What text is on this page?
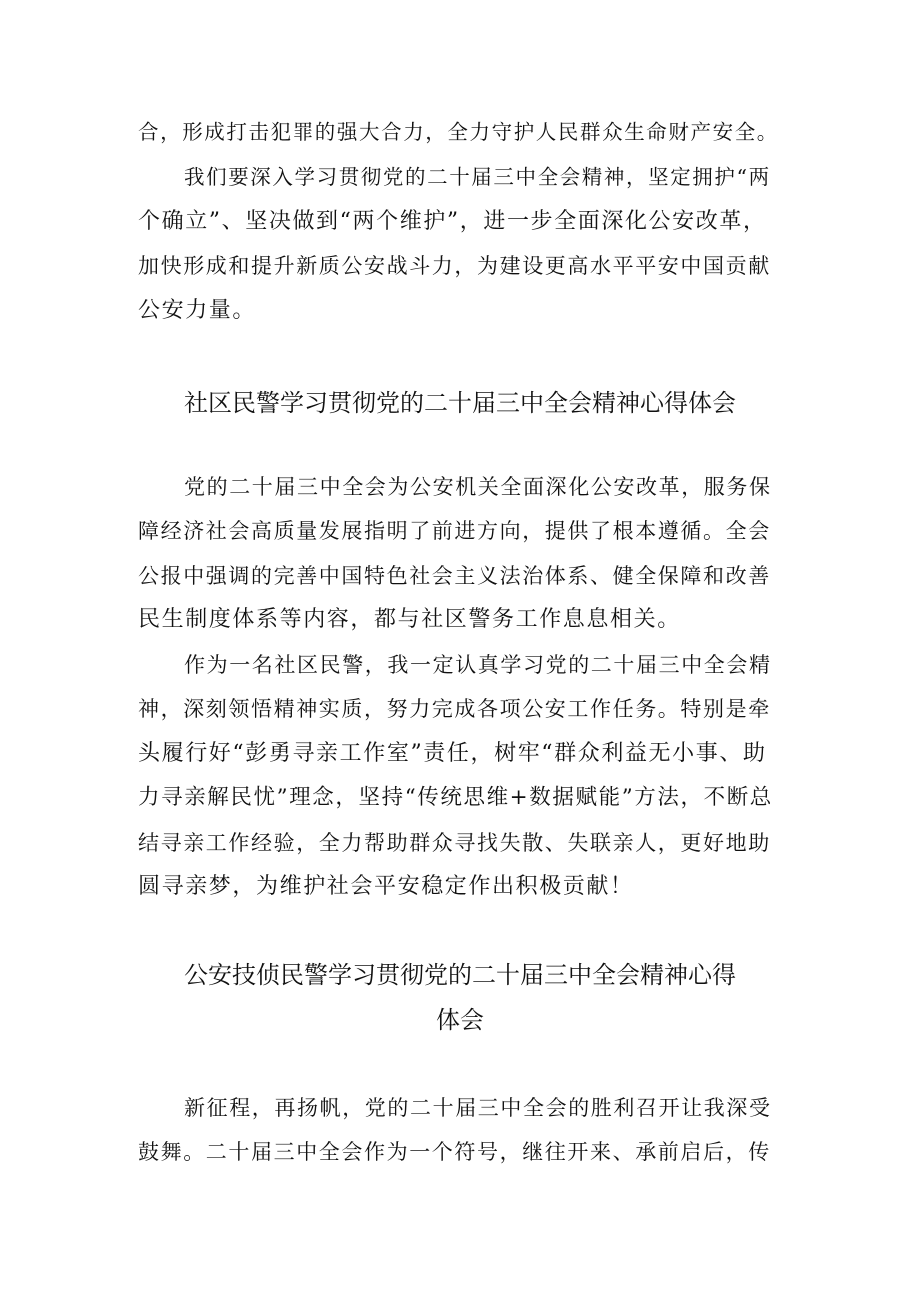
合，形成打击犯罪的强大合力，全力守护人民群众生命财产安全。
我们要深入学习贯彻党的二十届三中全会精神，坚定拥护“两
个确立”、坚决做到“两个维护”，进一步全面深化公安改革，
加快形成和提升新质公安战斗力，为建设更高水平平安中国贡献
公安力量。
社区民警学习贯彻党的二十届三中全会精神心得体会
党的二十届三中全会为公安机关全面深化公安改革，服务保
障经济社会高质量发展指明了前进方向，提供了根本遵循。全会
公报中强调的完善中国特色社会主义法治体系、健全保障和改善
民生制度体系等内容，都与社区警务工作息息相关。
作为一名社区民警，我一定认真学习党的二十届三中全会精
神，深刻领悟精神实质，努力完成各项公安工作任务。特别是牵
头履行好“彭勇寻亲工作室”责任，树牢“群众利益无小事、助
力寻亲解民忧”理念，坚持“传统思维+数据赋能”方法，不断总
结寻亲工作经验，全力帮助群众寻找失散、失联亲人，更好地助
圆寻亲梦，为维护社会平安稳定作出积极贡献！
公安技侦民警学习贯彻党的二十届三中全会精神心得
体会
新征程，再扬帆，党的二十届三中全会的胜利召开让我深受
鼓舞。二十届三中全会作为一个符号，继往开来、承前启后，传
